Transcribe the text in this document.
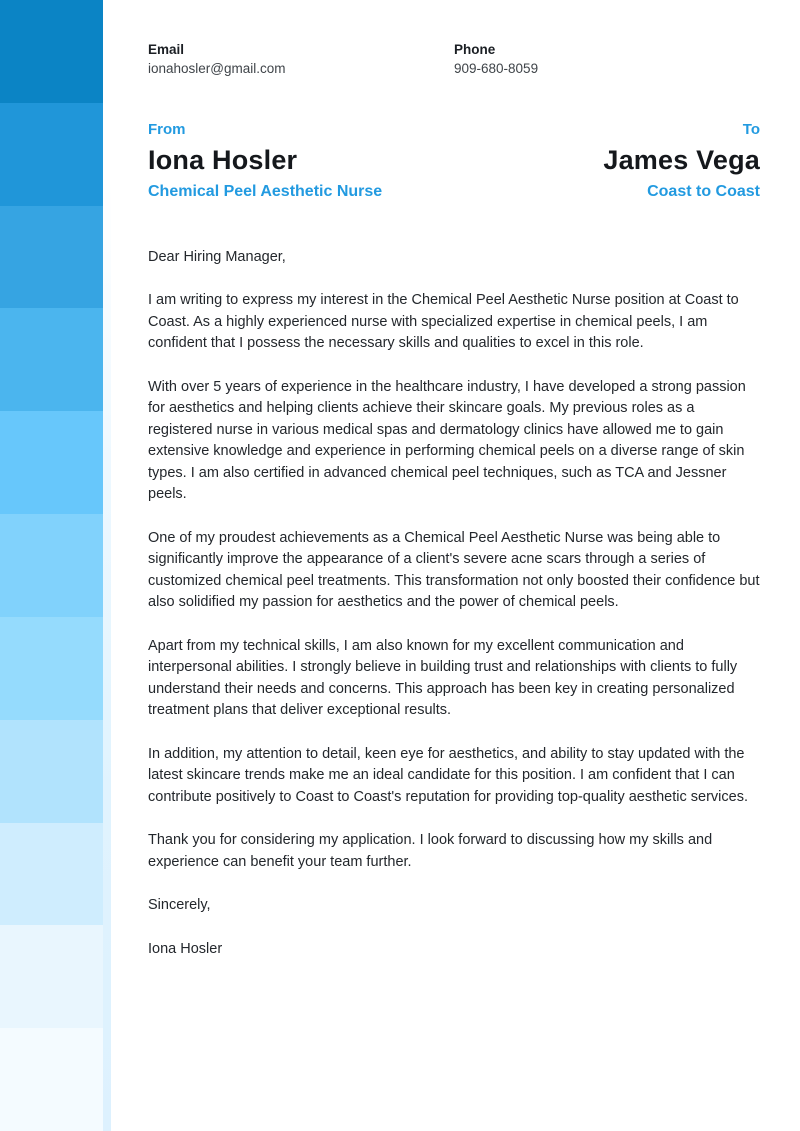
Email
ionahosler@gmail.com
Phone
909-680-8059
From
Iona Hosler
Chemical Peel Aesthetic Nurse
To
James Vega
Coast to Coast

Dear Hiring Manager,

I am writing to express my interest in the Chemical Peel Aesthetic Nurse position at Coast to Coast. As a highly experienced nurse with specialized expertise in chemical peels, I am confident that I possess the necessary skills and qualities to excel in this role.

With over 5 years of experience in the healthcare industry, I have developed a strong passion for aesthetics and helping clients achieve their skincare goals. My previous roles as a registered nurse in various medical spas and dermatology clinics have allowed me to gain extensive knowledge and experience in performing chemical peels on a diverse range of skin types. I am also certified in advanced chemical peel techniques, such as TCA and Jessner peels.

One of my proudest achievements as a Chemical Peel Aesthetic Nurse was being able to significantly improve the appearance of a client's severe acne scars through a series of customized chemical peel treatments. This transformation not only boosted their confidence but also solidified my passion for aesthetics and the power of chemical peels.

Apart from my technical skills, I am also known for my excellent communication and interpersonal abilities. I strongly believe in building trust and relationships with clients to fully understand their needs and concerns. This approach has been key in creating personalized treatment plans that deliver exceptional results.

In addition, my attention to detail, keen eye for aesthetics, and ability to stay updated with the latest skincare trends make me an ideal candidate for this position. I am confident that I can contribute positively to Coast to Coast's reputation for providing top-quality aesthetic services.

Thank you for considering my application. I look forward to discussing how my skills and experience can benefit your team further.

Sincerely,

Iona Hosler
